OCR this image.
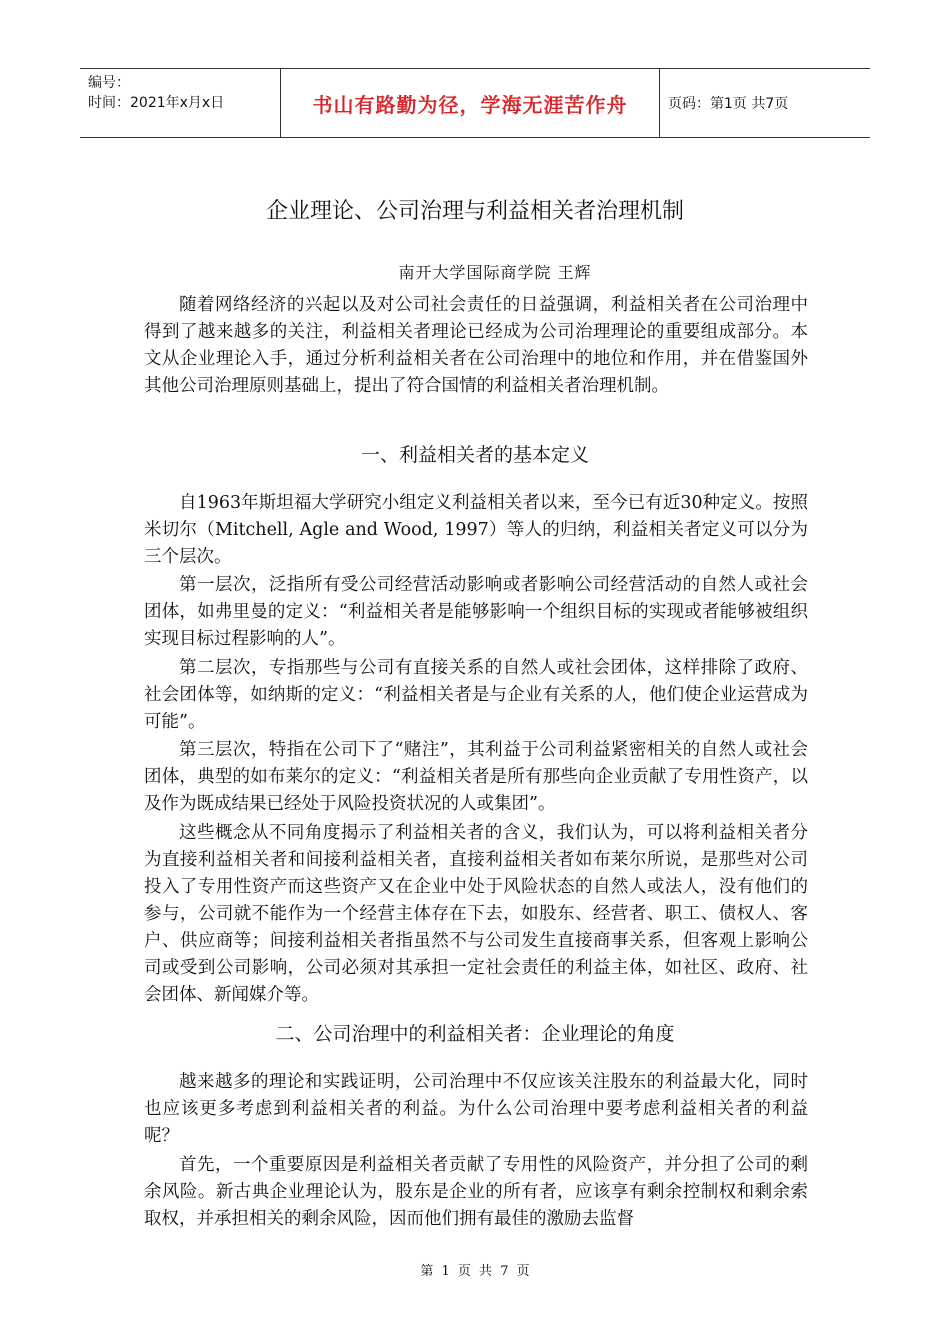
编号：
时间：2021年x月x日	书山有路勤为径，学海无涯苦作舟	页码：第1页 共7页
企业理论、公司治理与利益相关者治理机制
南开大学国际商学院 王辉

随着网络经济的兴起以及对公司社会责任的日益强调，利益相关者在公司治理中得到了越来越多的关注，利益相关者理论已经成为公司治理理论的重要组成部分。本文从企业理论入手，通过分析利益相关者在公司治理中的地位和作用，并在借鉴国外其他公司治理原则基础上，提出了符合国情的利益相关者治理机制。

一、利益相关者的基本定义

自1963年斯坦福大学研究小组定义利益相关者以来，至今已有近30种定义。按照米切尔（Mitchell, Agle and Wood, 1997）等人的归纳，利益相关者定义可以分为三个层次。

第一层次，泛指所有受公司经营活动影响或者影响公司经营活动的自然人或社会团体，如弗里曼的定义：“利益相关者是能够影响一个组织目标的实现或者能够被组织实现目标过程影响的人”。

第二层次，专指那些与公司有直接关系的自然人或社会团体，这样排除了政府、社会团体等，如纳斯的定义：“利益相关者是与企业有关系的人，他们使企业运营成为可能”。

第三层次，特指在公司下了“赌注”，其利益于公司利益紧密相关的自然人或社会团体，典型的如布莱尔的定义：“利益相关者是所有那些向企业贡献了专用性资产，以及作为既成结果已经处于风险投资状况的人或集团”。

这些概念从不同角度揭示了利益相关者的含义，我们认为，可以将利益相关者分为直接利益相关者和间接利益相关者，直接利益相关者如布莱尔所说，是那些对公司投入了专用性资产而这些资产又在企业中处于风险状态的自然人或法人，没有他们的参与，公司就不能作为一个经营主体存在下去，如股东、经营者、职工、债权人、客户、供应商等；间接利益相关者指虽然不与公司发生直接商事关系，但客观上影响公司或受到公司影响，公司必须对其承担一定社会责任的利益主体，如社区、政府、社会团体、新闻媒介等。

二、公司治理中的利益相关者：企业理论的角度

越来越多的理论和实践证明，公司治理中不仅应该关注股东的利益最大化，同时也应该更多考虑到利益相关者的利益。为什么公司治理中要考虑利益相关者的利益呢？

首先，一个重要原因是利益相关者贡献了专用性的风险资产，并分担了公司的剩余风险。新古典企业理论认为，股东是企业的所有者，应该享有剩余控制权和剩余索取权，并承担相关的剩余风险，因而他们拥有最佳的激励去监督

第 1 页 共 7 页
